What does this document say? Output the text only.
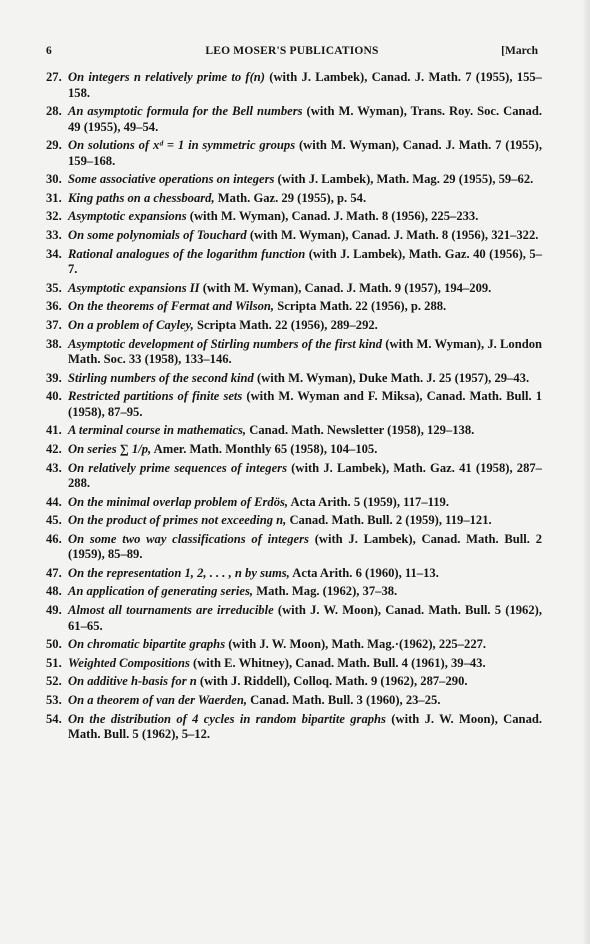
6	LEO MOSER'S PUBLICATIONS	[March
27. On integers n relatively prime to f(n) (with J. Lambek), Canad. J. Math. 7 (1955), 155–158.
28. An asymptotic formula for the Bell numbers (with M. Wyman), Trans. Roy. Soc. Canad. 49 (1955), 49–54.
29. On solutions of xᵈ = 1 in symmetric groups (with M. Wyman), Canad. J. Math. 7 (1955), 159–168.
30. Some associative operations on integers (with J. Lambek), Math. Mag. 29 (1955), 59–62.
31. King paths on a chessboard, Math. Gaz. 29 (1955), p. 54.
32. Asymptotic expansions (with M. Wyman), Canad. J. Math. 8 (1956), 225–233.
33. On some polynomials of Touchard (with M. Wyman), Canad. J. Math. 8 (1956), 321–322.
34. Rational analogues of the logarithm function (with J. Lambek), Math. Gaz. 40 (1956), 5–7.
35. Asymptotic expansions II (with M. Wyman), Canad. J. Math. 9 (1957), 194–209.
36. On the theorems of Fermat and Wilson, Scripta Math. 22 (1956), p. 288.
37. On a problem of Cayley, Scripta Math. 22 (1956), 289–292.
38. Asymptotic development of Stirling numbers of the first kind (with M. Wyman), J. London Math. Soc. 33 (1958), 133–146.
39. Stirling numbers of the second kind (with M. Wyman), Duke Math. J. 25 (1957), 29–43.
40. Restricted partitions of finite sets (with M. Wyman and F. Miksa), Canad. Math. Bull. 1 (1958), 87–95.
41. A terminal course in mathematics, Canad. Math. Newsletter (1958), 129–138.
42. On series ∑ 1/p, Amer. Math. Monthly 65 (1958), 104–105.
43. On relatively prime sequences of integers (with J. Lambek), Math. Gaz. 41 (1958), 287–288.
44. On the minimal overlap problem of Erdös, Acta Arith. 5 (1959), 117–119.
45. On the product of primes not exceeding n, Canad. Math. Bull. 2 (1959), 119–121.
46. On some two way classifications of integers (with J. Lambek), Canad. Math. Bull. 2 (1959), 85–89.
47. On the representation 1, 2, . . . , n by sums, Acta Arith. 6 (1960), 11–13.
48. An application of generating series, Math. Mag. (1962), 37–38.
49. Almost all tournaments are irreducible (with J. W. Moon), Canad. Math. Bull. 5 (1962), 61–65.
50. On chromatic bipartite graphs (with J. W. Moon), Math. Mag.·(1962), 225–227.
51. Weighted Compositions (with E. Whitney), Canad. Math. Bull. 4 (1961), 39–43.
52. On additive h-basis for n (with J. Riddell), Colloq. Math. 9 (1962), 287–290.
53. On a theorem of van der Waerden, Canad. Math. Bull. 3 (1960), 23–25.
54. On the distribution of 4 cycles in random bipartite graphs (with J. W. Moon), Canad. Math. Bull. 5 (1962), 5–12.
